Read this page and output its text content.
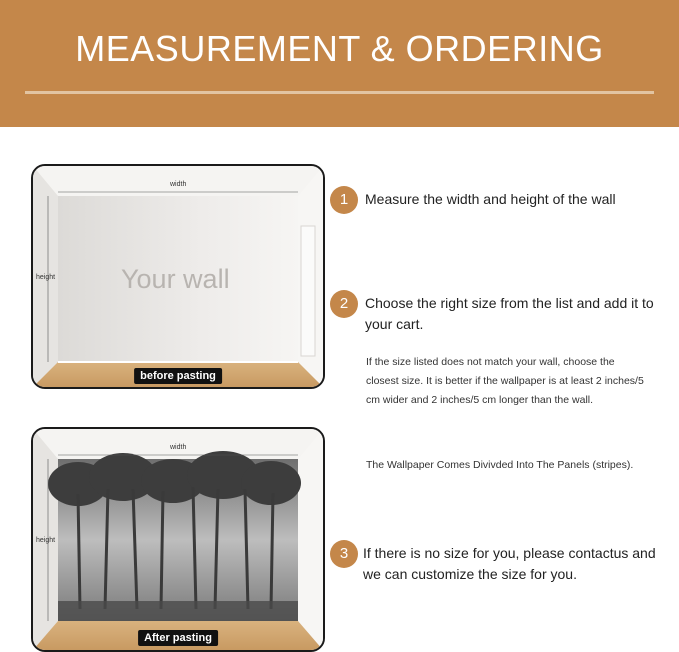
MEASUREMENT & ORDERING
width
height Your wall
before pasting
width
height
After pasting
1	Measure the width and height of the wall
2	Choose the right size from the list and add it to your cart.
If the size listed does not match your wall, choose the closest size. It is better if the wallpaper is at least 2 inches/5 cm wider and 2 inches/5 cm longer than the wall.
The Wallpaper Comes Divivded Into The Panels (stripes).
3	If there is no size for you, please contactus and we can customize the size for you.
